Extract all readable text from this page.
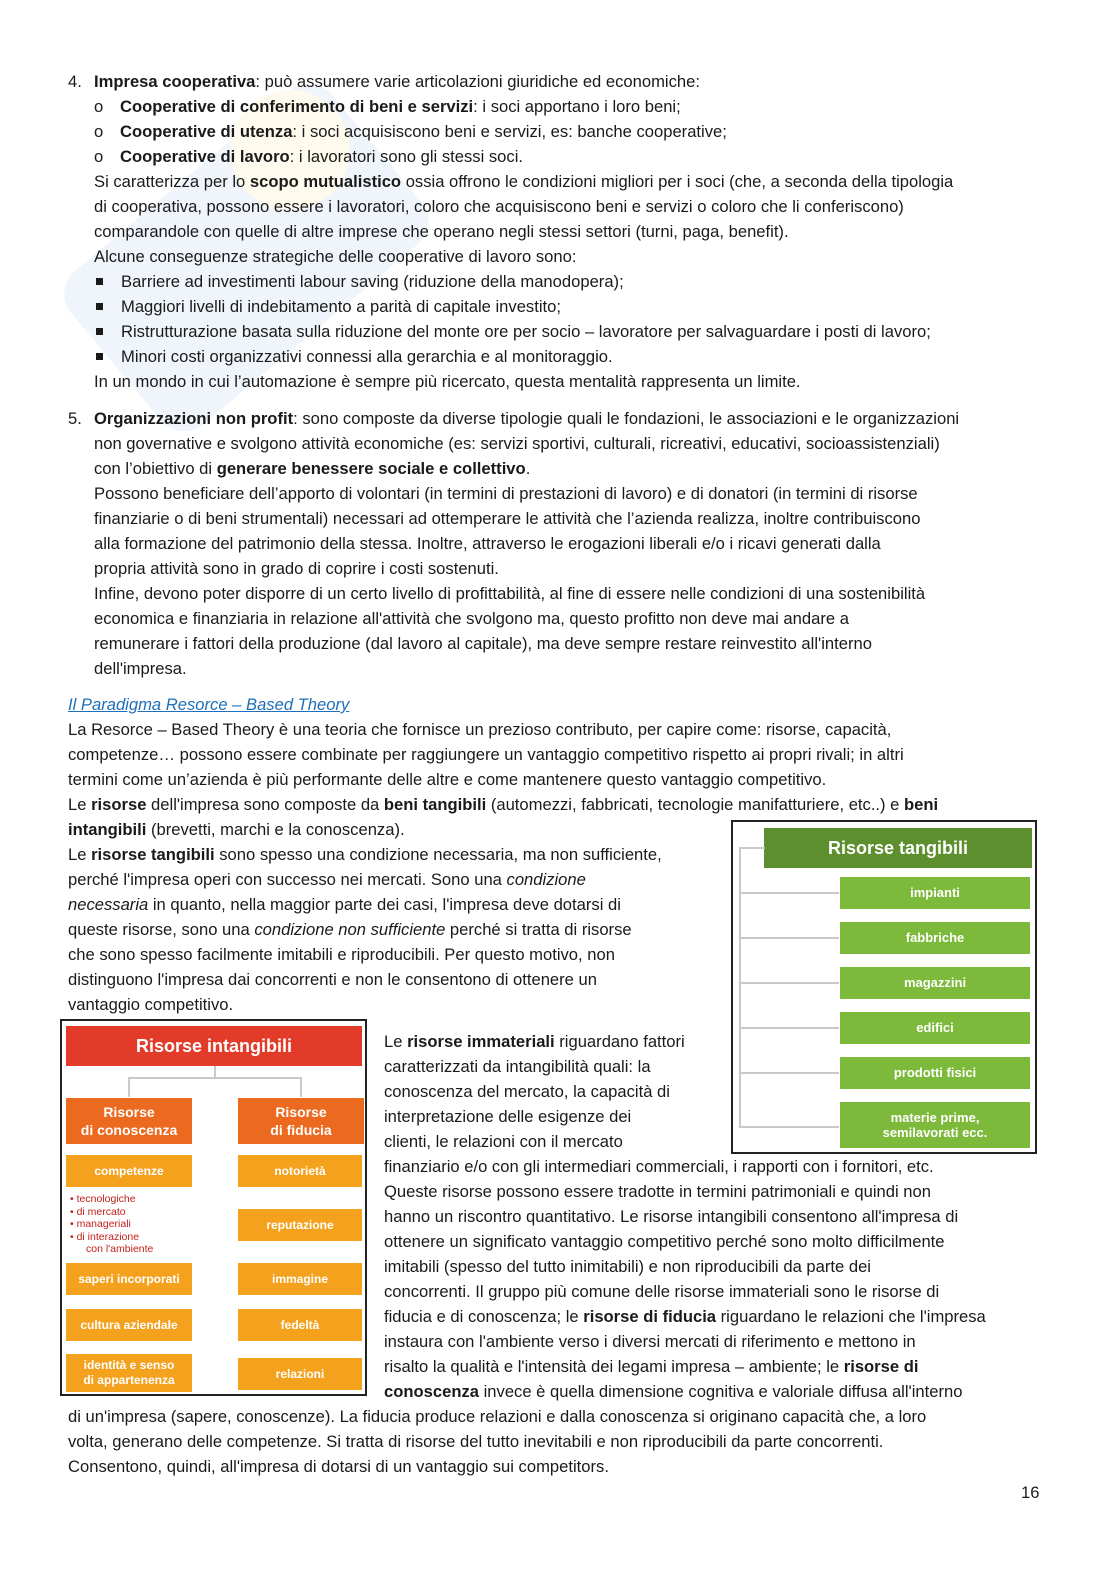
4. Impresa cooperativa: può assumere varie articolazioni giuridiche ed economiche:
o Cooperative di conferimento di beni e servizi: i soci apportano i loro beni;
o Cooperative di utenza: i soci acquisiscono beni e servizi, es: banche cooperative;
o Cooperative di lavoro: i lavoratori sono gli stessi soci.
Si caratterizza per lo scopo mutualistico ossia offrono le condizioni migliori per i soci (che, a seconda della tipologia
di cooperativa, possono essere i lavoratori, coloro che acquisiscono beni e servizi o coloro che li conferiscono)
comparandole con quelle di altre imprese che operano negli stessi settori (turni, paga, benefit).
Alcune conseguenze strategiche delle cooperative di lavoro sono:
Barriere ad investimenti labour saving (riduzione della manodopera);
Maggiori livelli di indebitamento a parità di capitale investito;
Ristrutturazione basata sulla riduzione del monte ore per socio – lavoratore per salvaguardare i posti di lavoro;
Minori costi organizzativi connessi alla gerarchia e al monitoraggio.
In un mondo in cui l’automazione è sempre più ricercato, questa mentalità rappresenta un limite.
5. Organizzazioni non profit: sono composte da diverse tipologie quali le fondazioni, le associazioni e le organizzazioni
non governative e svolgono attività economiche (es: servizi sportivi, culturali, ricreativi, educativi, socioassistenziali)
con l’obiettivo di generare benessere sociale e collettivo.
Possono beneficiare dell’apporto di volontari (in termini di prestazioni di lavoro) e di donatori (in termini di risorse
finanziarie o di beni strumentali) necessari ad ottemperare le attività che l’azienda realizza, inoltre contribuiscono
alla formazione del patrimonio della stessa. Inoltre, attraverso le erogazioni liberali e/o i ricavi generati dalla
propria attività sono in grado di coprire i costi sostenuti.
Infine, devono poter disporre di un certo livello di profittabilità, al fine di essere nelle condizioni di una sostenibilità
economica e finanziaria in relazione all'attività che svolgono ma, questo profitto non deve mai andare a
remunerare i fattori della produzione (dal lavoro al capitale), ma deve sempre restare reinvestito all'interno
dell'impresa.
Il Paradigma Resorce – Based Theory
La Resorce – Based Theory è una teoria che fornisce un prezioso contributo, per capire come: risorse, capacità,
competenze… possono essere combinate per raggiungere un vantaggio competitivo rispetto ai propri rivali; in altri
termini come un’azienda è più performante delle altre e come mantenere questo vantaggio competitivo.
Le risorse dell'impresa sono composte da beni tangibili (automezzi, fabbricati, tecnologie manifatturiere, etc..) e beni
intangibili (brevetti, marchi e la conoscenza).
Le risorse tangibili sono spesso una condizione necessaria, ma non sufficiente,
perché l'impresa operi con successo nei mercati. Sono una condizione
necessaria in quanto, nella maggior parte dei casi, l'impresa deve dotarsi di
queste risorse, sono una condizione non sufficiente perché si tratta di risorse
che sono spesso facilmente imitabili e riproducibili. Per questo motivo, non
distinguono l'impresa dai concorrenti e non le consentono di ottenere un
vantaggio competitivo.
Le risorse immateriali riguardano fattori
caratterizzati da intangibilità quali: la
conoscenza del mercato, la capacità di
interpretazione delle esigenze dei
clienti, le relazioni con il mercato
finanziario e/o con gli intermediari commerciali, i rapporti con i fornitori, etc.
Queste risorse possono essere tradotte in termini patrimoniali e quindi non
hanno un riscontro quantitativo. Le risorse intangibili consentono all'impresa di
ottenere un significato vantaggio competitivo perché sono molto difficilmente
imitabili (spesso del tutto inimitabili) e non riproducibili da parte dei
concorrenti. Il gruppo più comune delle risorse immateriali sono le risorse di
fiducia e di conoscenza; le risorse di fiducia riguardano le relazioni che l'impresa
instaura con l'ambiente verso i diversi mercati di riferimento e mettono in
risalto la qualità e l'intensità dei legami impresa – ambiente; le risorse di
conoscenza invece è quella dimensione cognitiva e valoriale diffusa all'interno
di un'impresa (sapere, conoscenze). La fiducia produce relazioni e dalla conoscenza si originano capacità che, a loro
volta, generano delle competenze. Si tratta di risorse del tutto inevitabili e non riproducibili da parte concorrenti.
Consentono, quindi, all'impresa di dotarsi di un vantaggio sui competitors.
16
Risorse tangibili
impianti
fabbriche
magazzini
edifici
prodotti fisici
materie prime,
semilavorati ecc.
Risorse intangibili
Risorse
di conoscenza
Risorse
di fiducia
competenze
• tecnologiche
• di mercato
• manageriali
• di interazione
con l'ambiente
saperi incorporati
cultura aziendale
identità e senso
di appartenenza
notorietà
reputazione
immagine
fedeltà
relazioni
